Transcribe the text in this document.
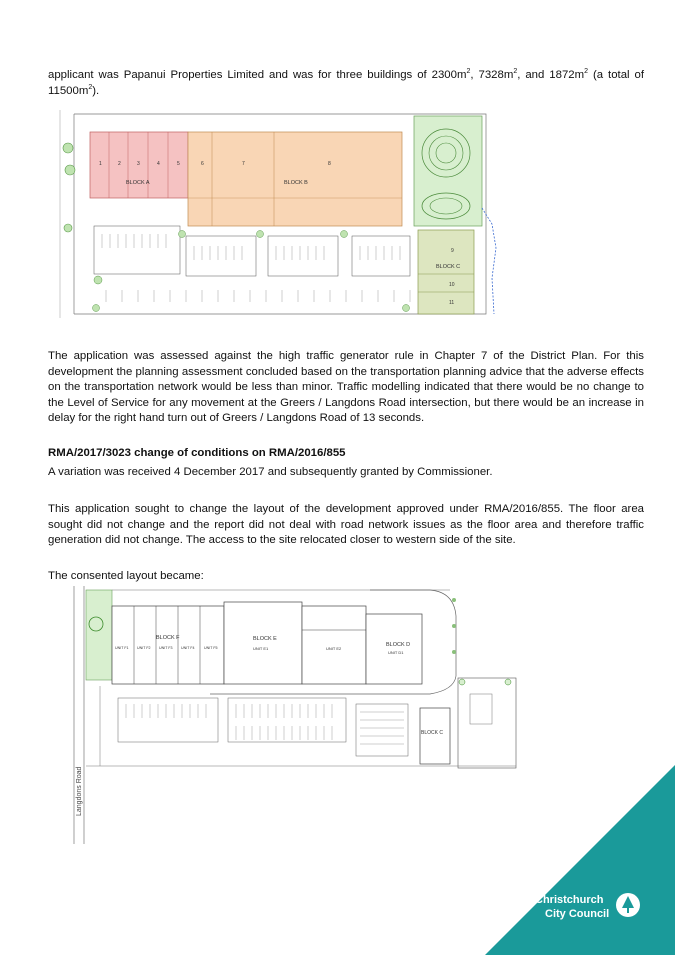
applicant was Papanui Properties Limited and was for three buildings of $2300m^2$, $7328m^2$, and $1872m^2$ (a total of $11500m^2$).

1	2	3	4	5
BLOCK A
6	7	8
BLOCK B
9
BLOCK C
10
11

The application was assessed against the high traffic generator rule in Chapter 7 of the District Plan. For this development the planning assessment concluded based on the transportation planning advice that the adverse effects on the transportation network would be less than minor. Traffic modelling indicated that there would be no change to the Level of Service for any movement at the Greers / Langdons Road intersection, but there would be an increase in delay for the right hand turn out of Greers / Langdons Road of 13 seconds.

RMA/2017/3023 change of conditions on RMA/2016/855

A variation was received 4 December 2017 and subsequently granted by Commissioner.

This application sought to change the layout of the development approved under RMA/2016/855. The floor area sought did not change and the report did not deal with road network issues as the floor area and therefore traffic generation did not change. The access to the site relocated closer to western side of the site.

The consented layout became:

Langdons Road
BLOCK F
UNIT F1 UNIT F2 UNIT F3 UNIT F4	UNIT F5
BLOCK E
UNIT E1	UNIT E2
BLOCK D
UNIT D1
BLOCK C
Christchurch
City Council
